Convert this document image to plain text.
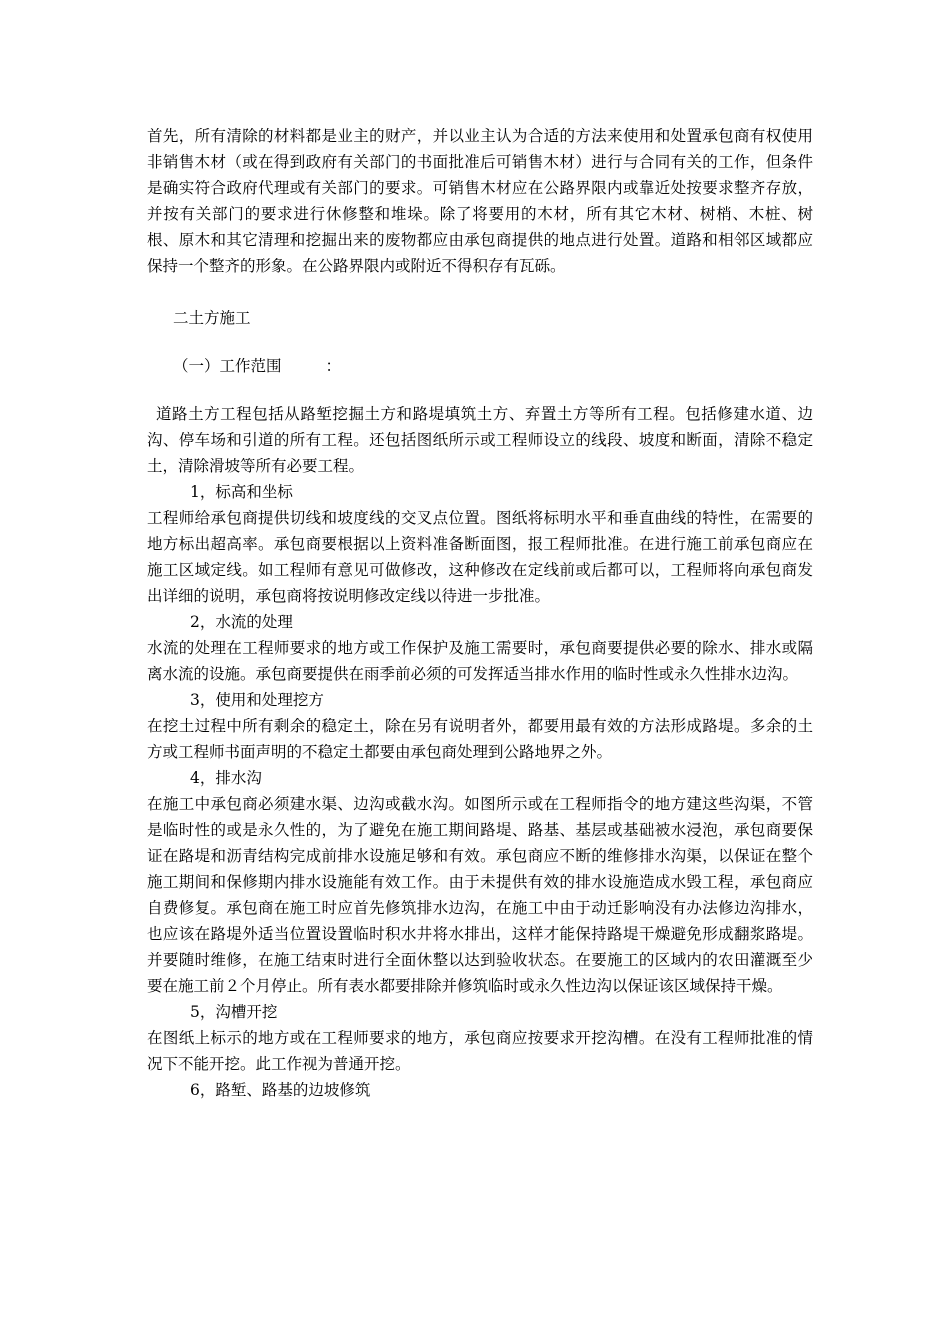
首先，所有清除的材料都是业主的财产，并以业主认为合适的方法来使用和处置承包商有权使用非销售木材（或在得到政府有关部门的书面批准后可销售木材）进行与合同有关的工作，但条件是确实符合政府代理或有关部门的要求。可销售木材应在公路界限内或靠近处按要求整齐存放，并按有关部门的要求进行休修整和堆垛。除了将要用的木材，所有其它木材、树梢、木桩、树根、原木和其它清理和挖掘出来的废物都应由承包商提供的地点进行处置。道路和相邻区域都应保持一个整齐的形象。在公路界限内或附近不得积存有瓦砾。

二土方施工

（一）工作范围	：

道路土方工程包括从路堑挖掘土方和路堤填筑土方、弃置土方等所有工程。包括修建水道、边沟、停车场和引道的所有工程。还包括图纸所示或工程师设立的线段、坡度和断面，清除不稳定土，清除滑坡等所有必要工程。

1，标高和坐标

工程师给承包商提供切线和坡度线的交叉点位置。图纸将标明水平和垂直曲线的特性，在需要的地方标出超高率。承包商要根据以上资料准备断面图，报工程师批准。在进行施工前承包商应在施工区域定线。如工程师有意见可做修改，这种修改在定线前或后都可以，工程师将向承包商发出详细的说明，承包商将按说明修改定线以待进一步批准。

2，水流的处理

水流的处理在工程师要求的地方或工作保护及施工需要时，承包商要提供必要的除水、排水或隔离水流的设施。承包商要提供在雨季前必须的可发挥适当排水作用的临时性或永久性排水边沟。

3，使用和处理挖方

在挖土过程中所有剩余的稳定土，除在另有说明者外，都要用最有效的方法形成路堤。多余的土方或工程师书面声明的不稳定土都要由承包商处理到公路地界之外。

4，排水沟

在施工中承包商必须建水渠、边沟或截水沟。如图所示或在工程师指令的地方建这些沟渠，不管是临时性的或是永久性的，为了避免在施工期间路堤、路基、基层或基础被水浸泡，承包商要保证在路堤和沥青结构完成前排水设施足够和有效。承包商应不断的维修排水沟渠，以保证在整个施工期间和保修期内排水设施能有效工作。由于未提供有效的排水设施造成水毁工程，承包商应自费修复。承包商在施工时应首先修筑排水边沟，在施工中由于动迁影响没有办法修边沟排水，也应该在路堤外适当位置设置临时积水井将水排出，这样才能保持路堤干燥避免形成翻浆路堤。并要随时维修，在施工结束时进行全面休整以达到验收状态。在要施工的区域内的农田灌溉至少要在施工前２个月停止。所有表水都要排除并修筑临时或永久性边沟以保证该区域保持干燥。

5，沟槽开挖

在图纸上标示的地方或在工程师要求的地方，承包商应按要求开挖沟槽。在没有工程师批准的情况下不能开挖。此工作视为普通开挖。

6，路堑、路基的边坡修筑
